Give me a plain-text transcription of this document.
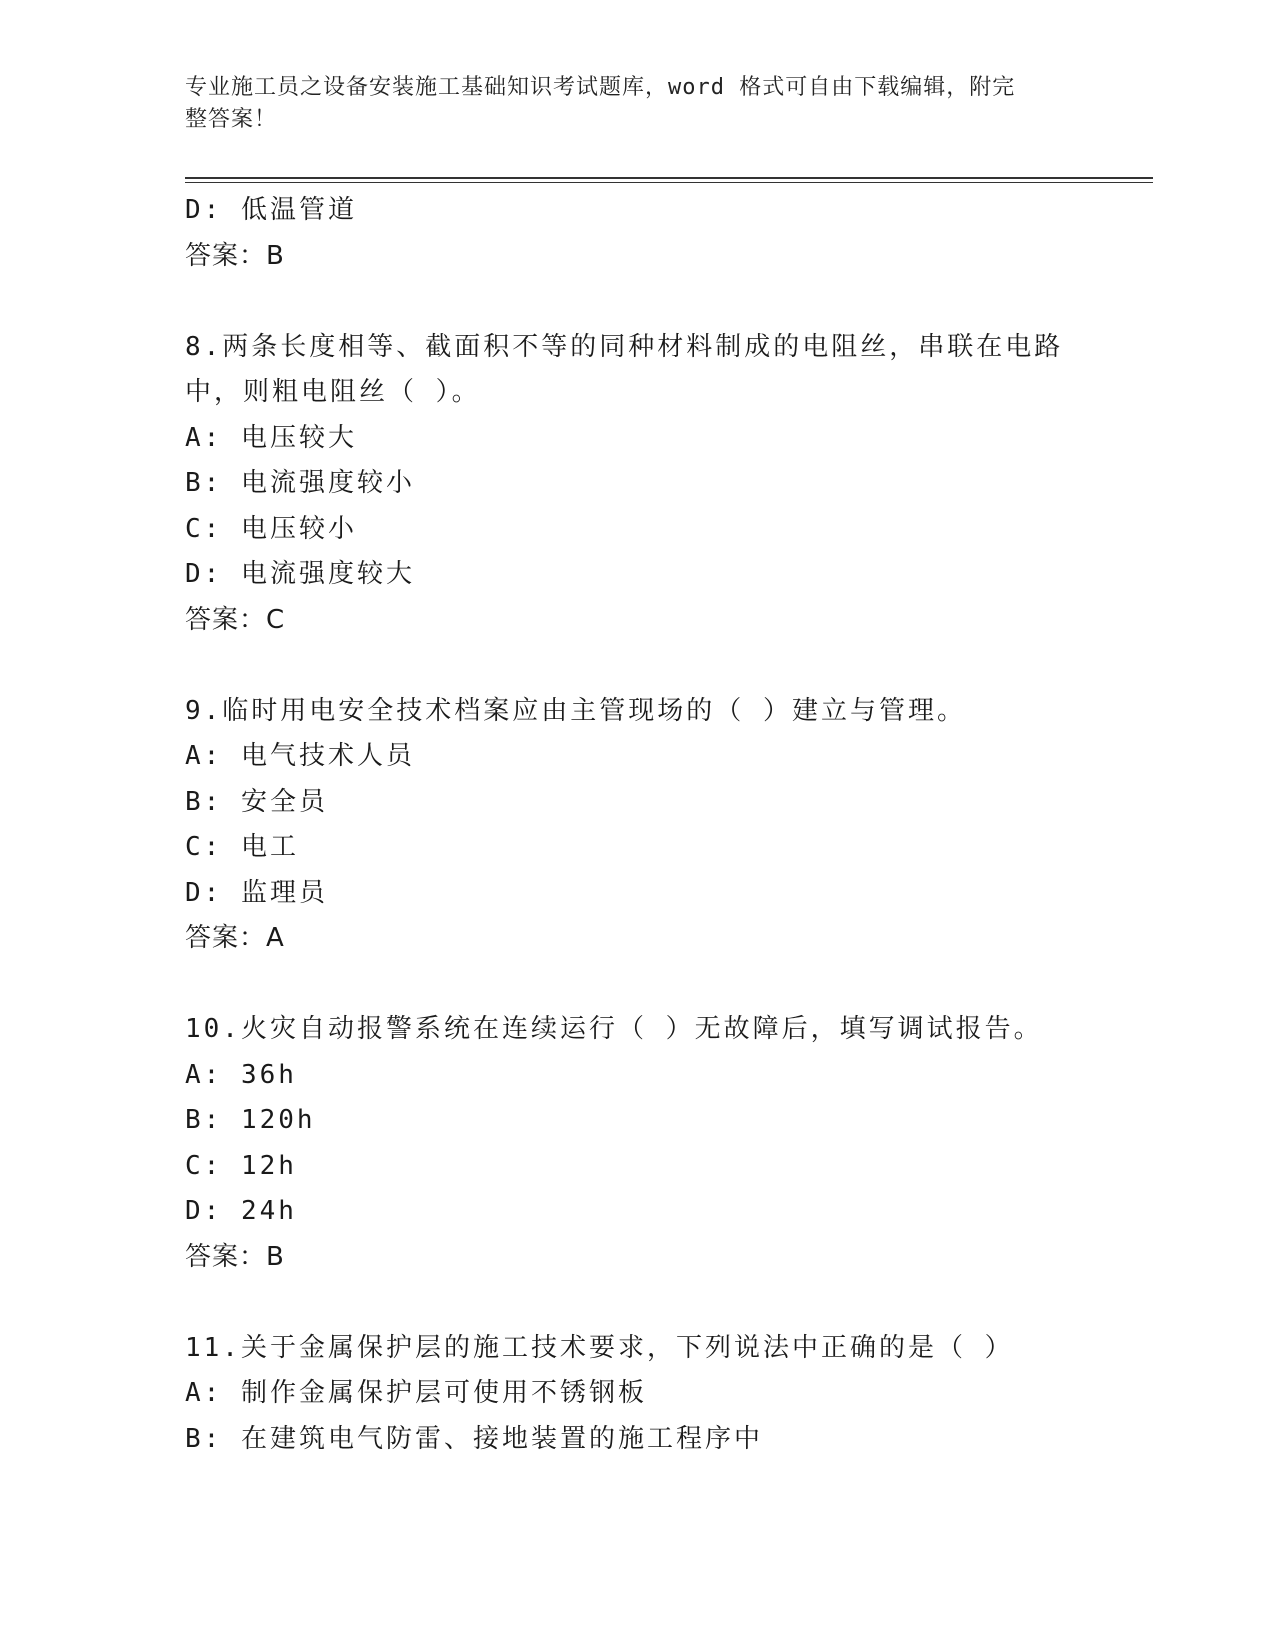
专业施工员之设备安装施工基础知识考试题库，word 格式可自由下载编辑，附完
整答案！
D: 低温管道
答案：B
8.两条长度相等、截面积不等的同种材料制成的电阻丝，串联在电路
中，则粗电阻丝（ ）。
A: 电压较大
B: 电流强度较小
C: 电压较小
D: 电流强度较大
答案：C
9.临时用电安全技术档案应由主管现场的（ ）建立与管理。
A: 电气技术人员
B: 安全员
C: 电工
D: 监理员
答案：A
10.火灾自动报警系统在连续运行（ ）无故障后，填写调试报告。
A: 36h
B: 120h
C: 12h
D: 24h
答案：B
11.关于金属保护层的施工技术要求，下列说法中正确的是（ ）
A: 制作金属保护层可使用不锈钢板
B: 在建筑电气防雷、接地装置的施工程序中
